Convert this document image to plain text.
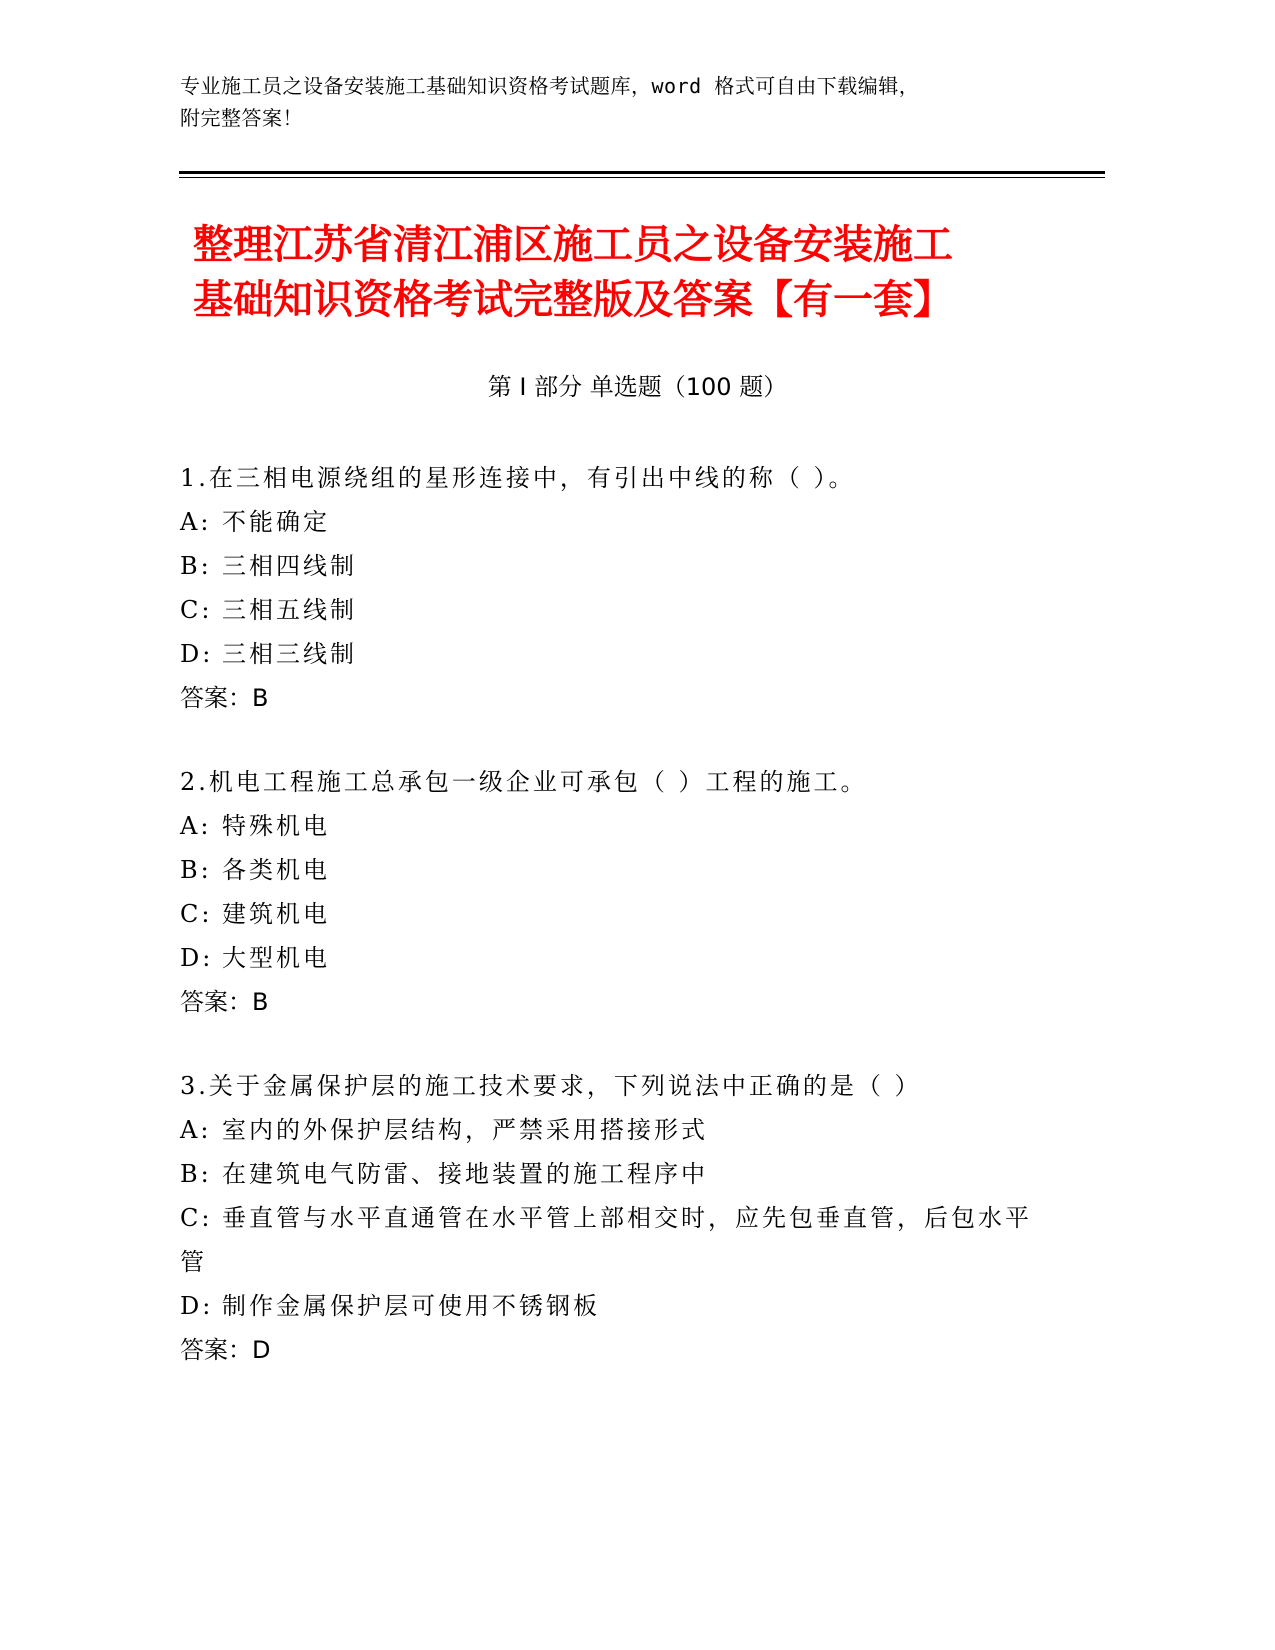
专业施工员之设备安装施工基础知识资格考试题库，word 格式可自由下载编辑，
附完整答案！
整理江苏省清江浦区施工员之设备安装施工
基础知识资格考试完整版及答案【有一套】
第 I 部分 单选题（100 题）
1.在三相电源绕组的星形连接中，有引出中线的称（ ）。
A: 不能确定
B: 三相四线制
C: 三相五线制
D: 三相三线制
答案：B
2.机电工程施工总承包一级企业可承包（ ）工程的施工。
A: 特殊机电
B: 各类机电
C: 建筑机电
D: 大型机电
答案：B
3.关于金属保护层的施工技术要求，下列说法中正确的是（ ）
A: 室内的外保护层结构，严禁采用搭接形式
B: 在建筑电气防雷、接地装置的施工程序中
C: 垂直管与水平直通管在水平管上部相交时，应先包垂直管，后包水平管
D: 制作金属保护层可使用不锈钢板
答案：D
